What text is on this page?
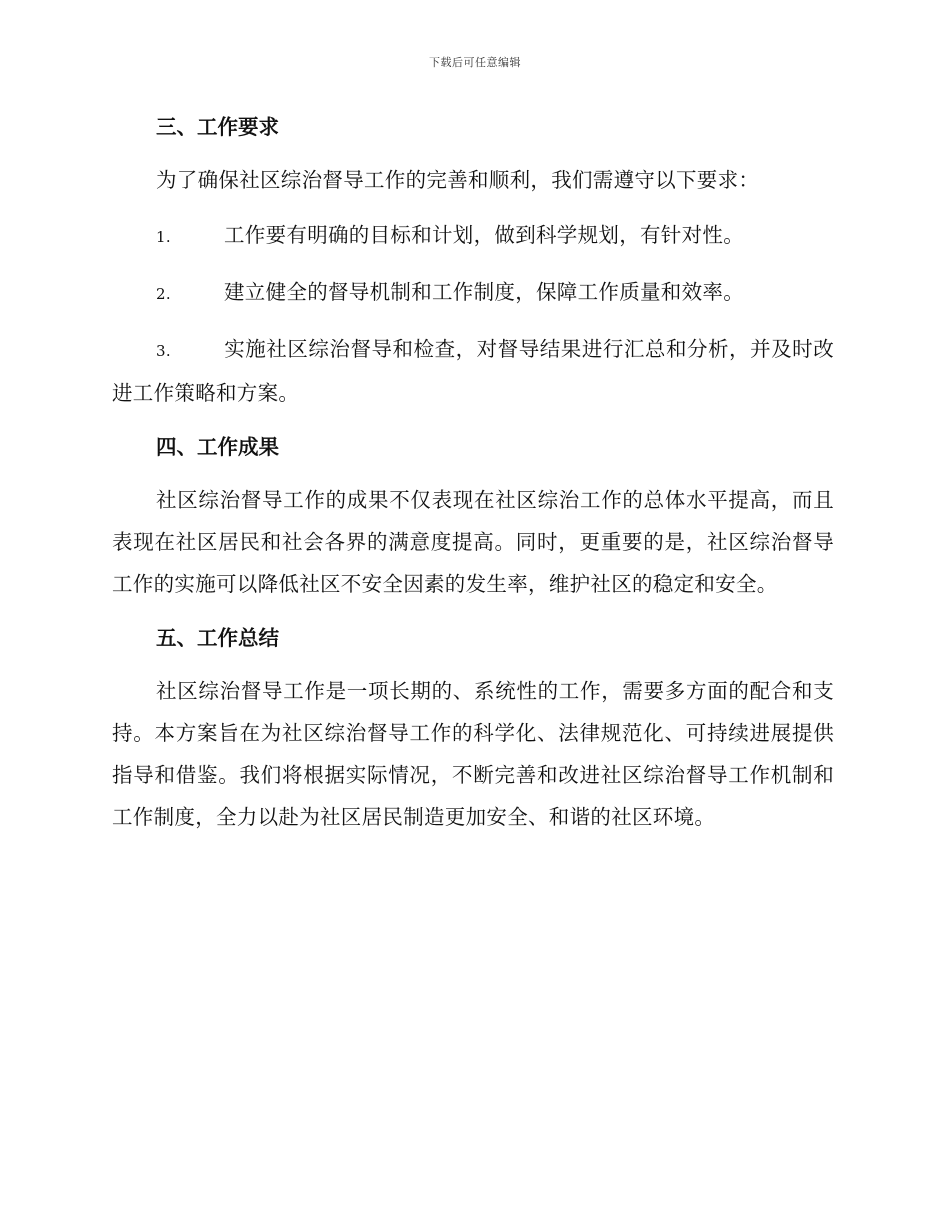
下载后可任意编辑
三、工作要求

为了确保社区综治督导工作的完善和顺利，我们需遵守以下要求：

1.	工作要有明确的目标和计划，做到科学规划，有针对性。

2.	建立健全的督导机制和工作制度，保障工作质量和效率。

3.	实施社区综治督导和检查，对督导结果进行汇总和分析，并及时改进工作策略和方案。

四、工作成果

社区综治督导工作的成果不仅表现在社区综治工作的总体水平提高，而且表现在社区居民和社会各界的满意度提高。同时，更重要的是，社区综治督导工作的实施可以降低社区不安全因素的发生率，维护社区的稳定和安全。

五、工作总结

社区综治督导工作是一项长期的、系统性的工作，需要多方面的配合和支持。本方案旨在为社区综治督导工作的科学化、法律规范化、可持续进展提供指导和借鉴。我们将根据实际情况，不断完善和改进社区综治督导工作机制和工作制度，全力以赴为社区居民制造更加安全、和谐的社区环境。
